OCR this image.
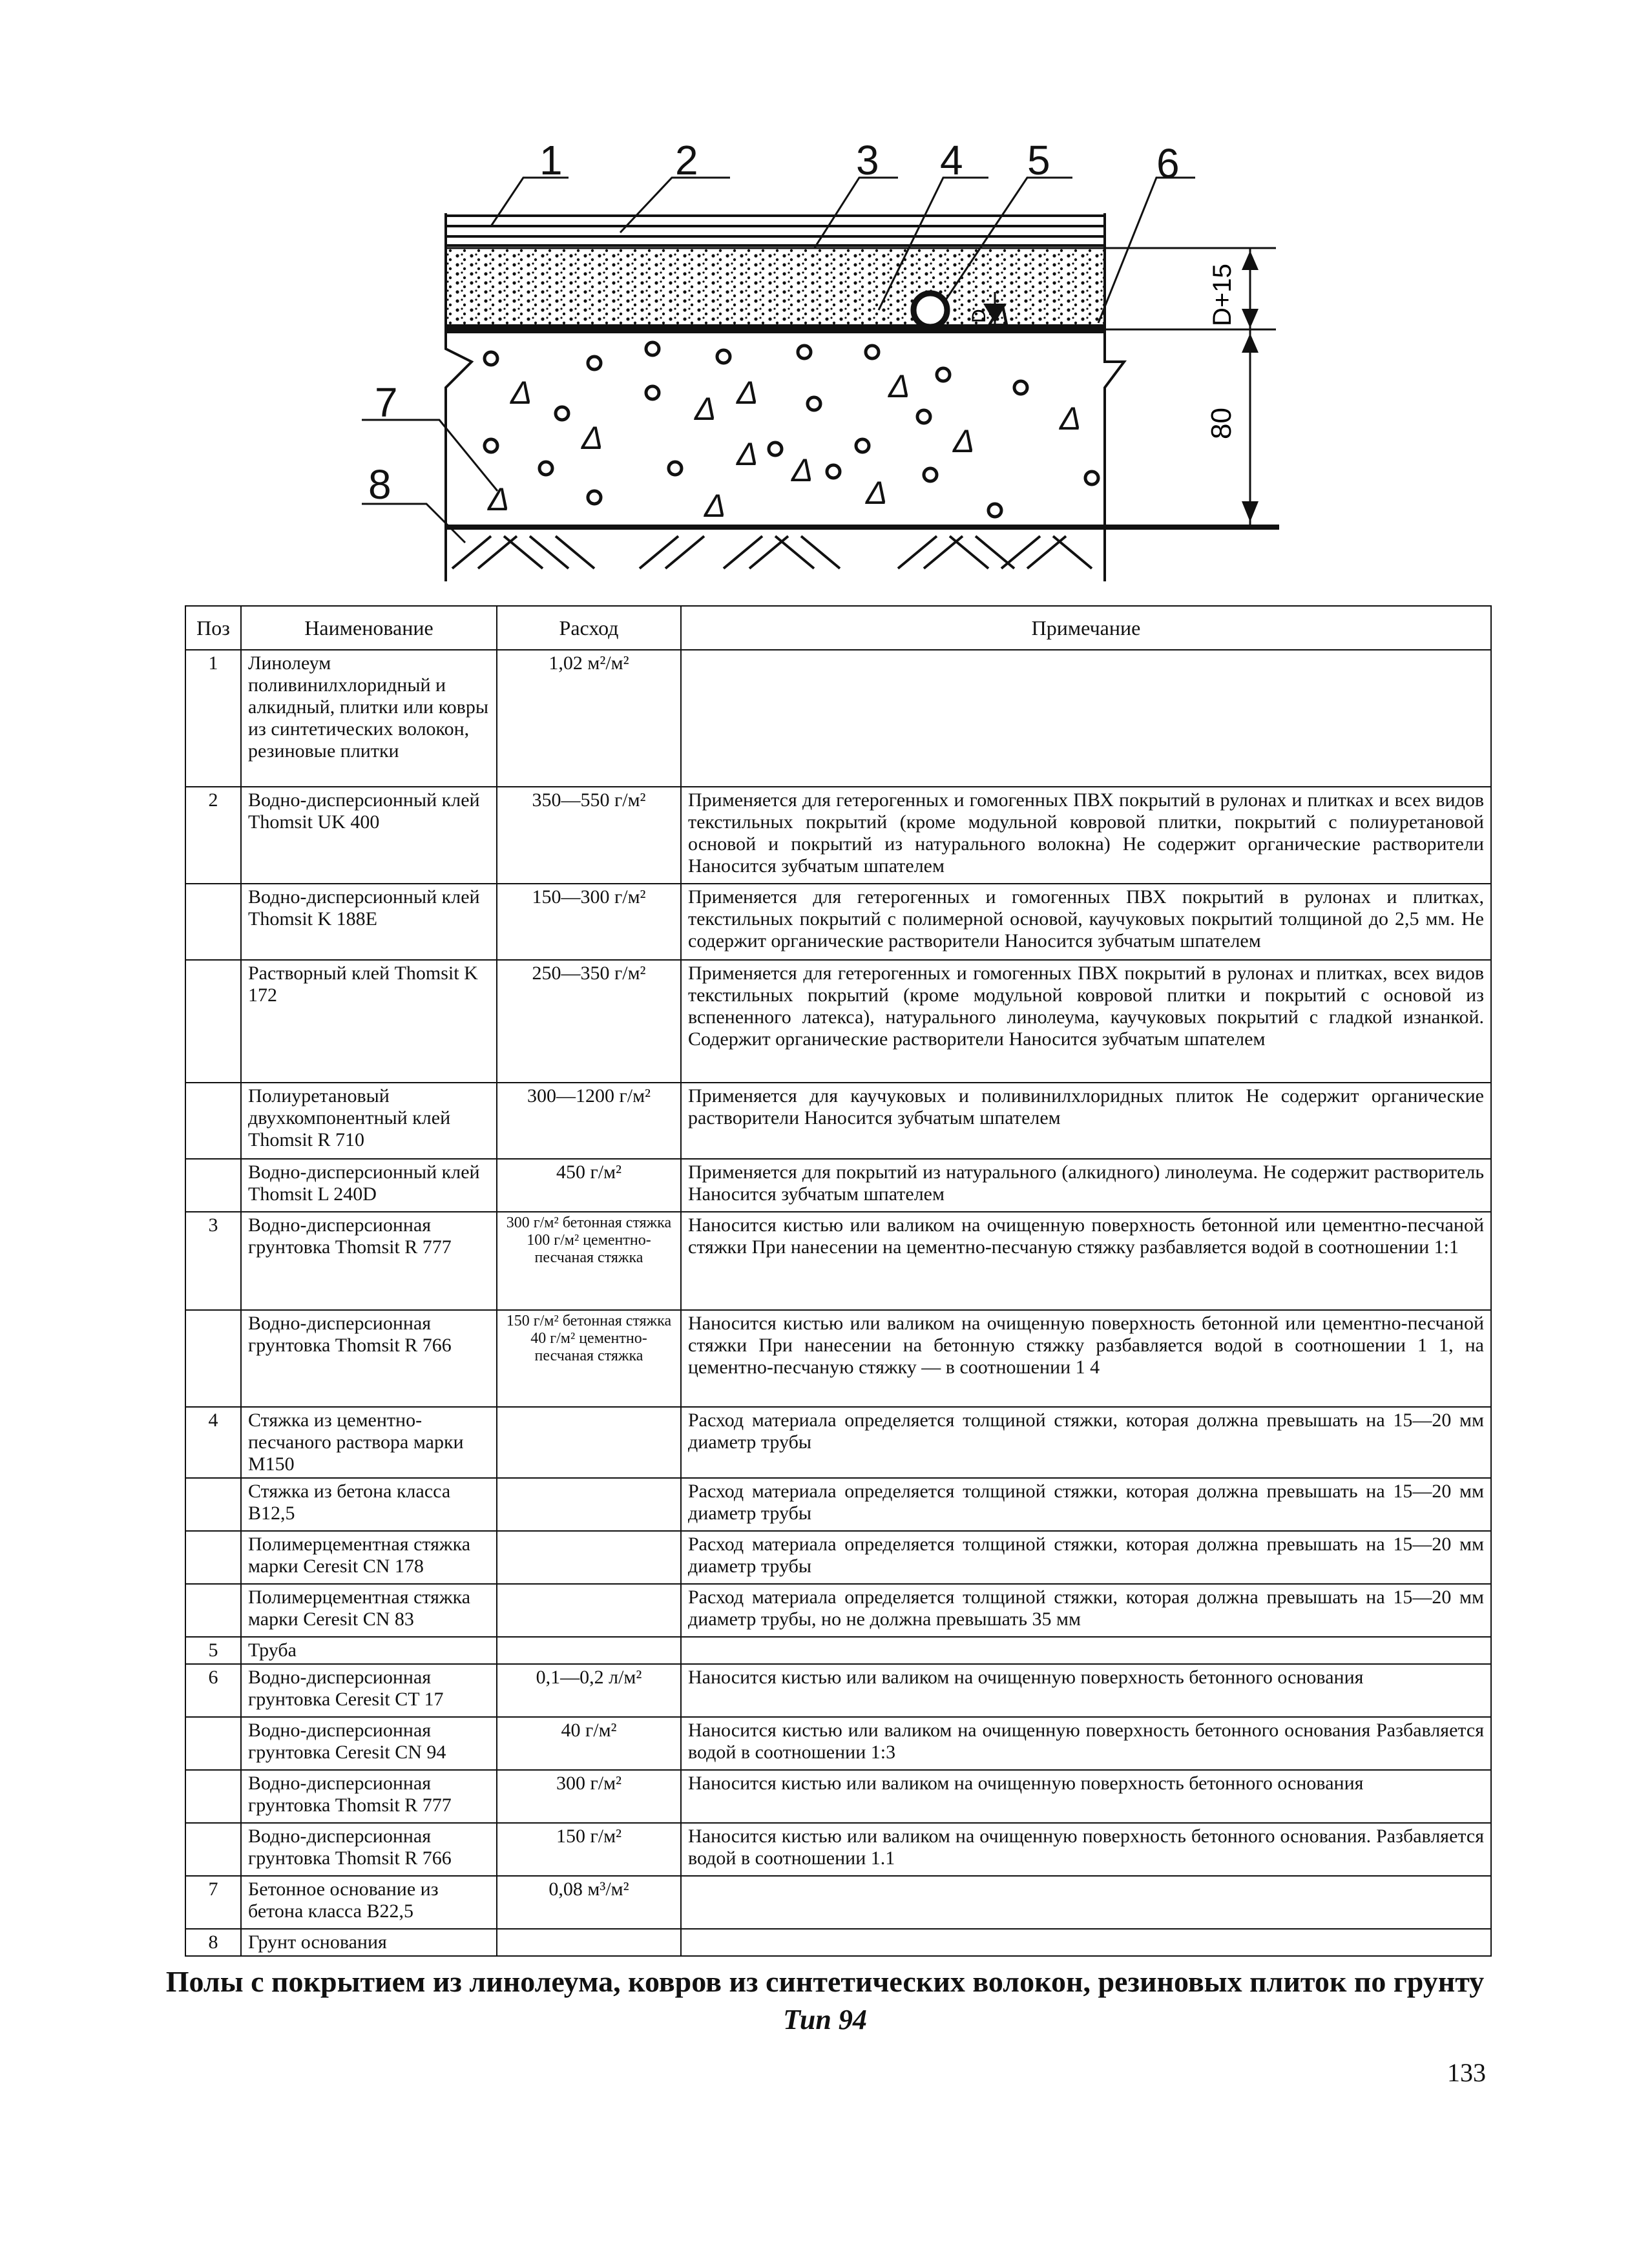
D
Δ	Δ	Δ
Δ
Δ	Δ
Δ	Δ
Δ
Δ
Δ	Δ	Δ
D+15
80
1	2	3 4 5	6
7
8
Поз	Наименование	Расход	Примечание
1	Линолеум поливинилхлоридный и алкидный, плитки или ковры из синтетических волокон, резиновые плитки	1,02 м²/м²	
2	Водно-дисперсионный клей Thomsit UK 400	350—550 г/м²	Применяется для гетерогенных и гомогенных ПВХ покрытий в рулонах и плитках и всех видов текстильных покрытий (кроме модульной ковровой плитки, покрытий с полиуретановой основой и покрытий из натурального волокна) Не содержит органические растворители Наносится зубчатым шпателем
	Водно-дисперсионный клей Thomsit K 188E	150—300 г/м²	Применяется для гетерогенных и гомогенных ПВХ покрытий в рулонах и плитках, текстильных покрытий с полимерной основой, каучуковых покрытий толщиной до 2,5 мм. Не содержит органические растворители Наносится зубчатым шпателем
	Растворный клей Thomsit K 172	250—350 г/м²	Применяется для гетерогенных и гомогенных ПВХ покрытий в рулонах и плитках, всех видов текстильных покрытий (кроме модульной ковровой плитки и покрытий с основой из вспененного латекса), натурального линолеума, каучуковых покрытий с гладкой изнанкой. Содержит органические растворители Наносится зубчатым шпателем
	Полиуретановый двухкомпонентный клей Thomsit R 710	300—1200 г/м²	Применяется для каучуковых и поливинилхлоридных плиток Не содержит органические растворители Наносится зубчатым шпателем
	Водно-дисперсионный клей Thomsit L 240D	450 г/м²	Применяется для покрытий из натурального (алкидного) линолеума. Не содержит растворитель Наносится зубчатым шпателем
3	Водно-дисперсионная грунтовка Thomsit R 777	300 г/м² бетонная стяжка 100 г/м² цементно-песчаная стяжка	Наносится кистью или валиком на очищенную поверхность бетонной или цементно-песчаной стяжки При нанесении на цементно-песчаную стяжку разбавляется водой в соотношении 1:1
	Водно-дисперсионная грунтовка Thomsit R 766	150 г/м² бетонная стяжка 40 г/м² цементно-песчаная стяжка	Наносится кистью или валиком на очищенную поверхность бетонной или цементно-песчаной стяжки При нанесении на бетонную стяжку разбавляется водой в соотношении 1 1, на цементно-песчаную стяжку — в соотношении 1 4
4	Стяжка из цементно-песчаного раствора марки М150		Расход материала определяется толщиной стяжки, которая должна превышать на 15—20 мм диаметр трубы
	Стяжка из бетона класса В12,5		Расход материала определяется толщиной стяжки, которая должна превышать на 15—20 мм диаметр трубы
	Полимерцементная стяжка марки Ceresit CN 178		Расход материала определяется толщиной стяжки, которая должна превышать на 15—20 мм диаметр трубы
	Полимерцементная стяжка марки Ceresit CN 83		Расход материала определяется толщиной стяжки, которая должна превышать на 15—20 мм диаметр трубы, но не должна превышать 35 мм
5	Труба		
6	Водно-дисперсионная грунтовка Ceresit CT 17	0,1—0,2 л/м²	Наносится кистью или валиком на очищенную поверхность бетонного основания
	Водно-дисперсионная грунтовка Ceresit CN 94	40 г/м²	Наносится кистью или валиком на очищенную поверхность бетонного основания Разбавляется водой в соотношении 1:3
	Водно-дисперсионная грунтовка Thomsit R 777	300 г/м²	Наносится кистью или валиком на очищенную поверхность бетонного основания
	Водно-дисперсионная грунтовка Thomsit R 766	150 г/м²	Наносится кистью или валиком на очищенную поверхность бетонного основания. Разбавляется водой в соотношении 1.1
7	Бетонное основание из бетона класса В22,5	0,08 м³/м²	
8	Грунт основания		
Полы с покрытием из линолеума, ковров из синтетических волокон, резиновых плиток по грунту
Тип 94
133
